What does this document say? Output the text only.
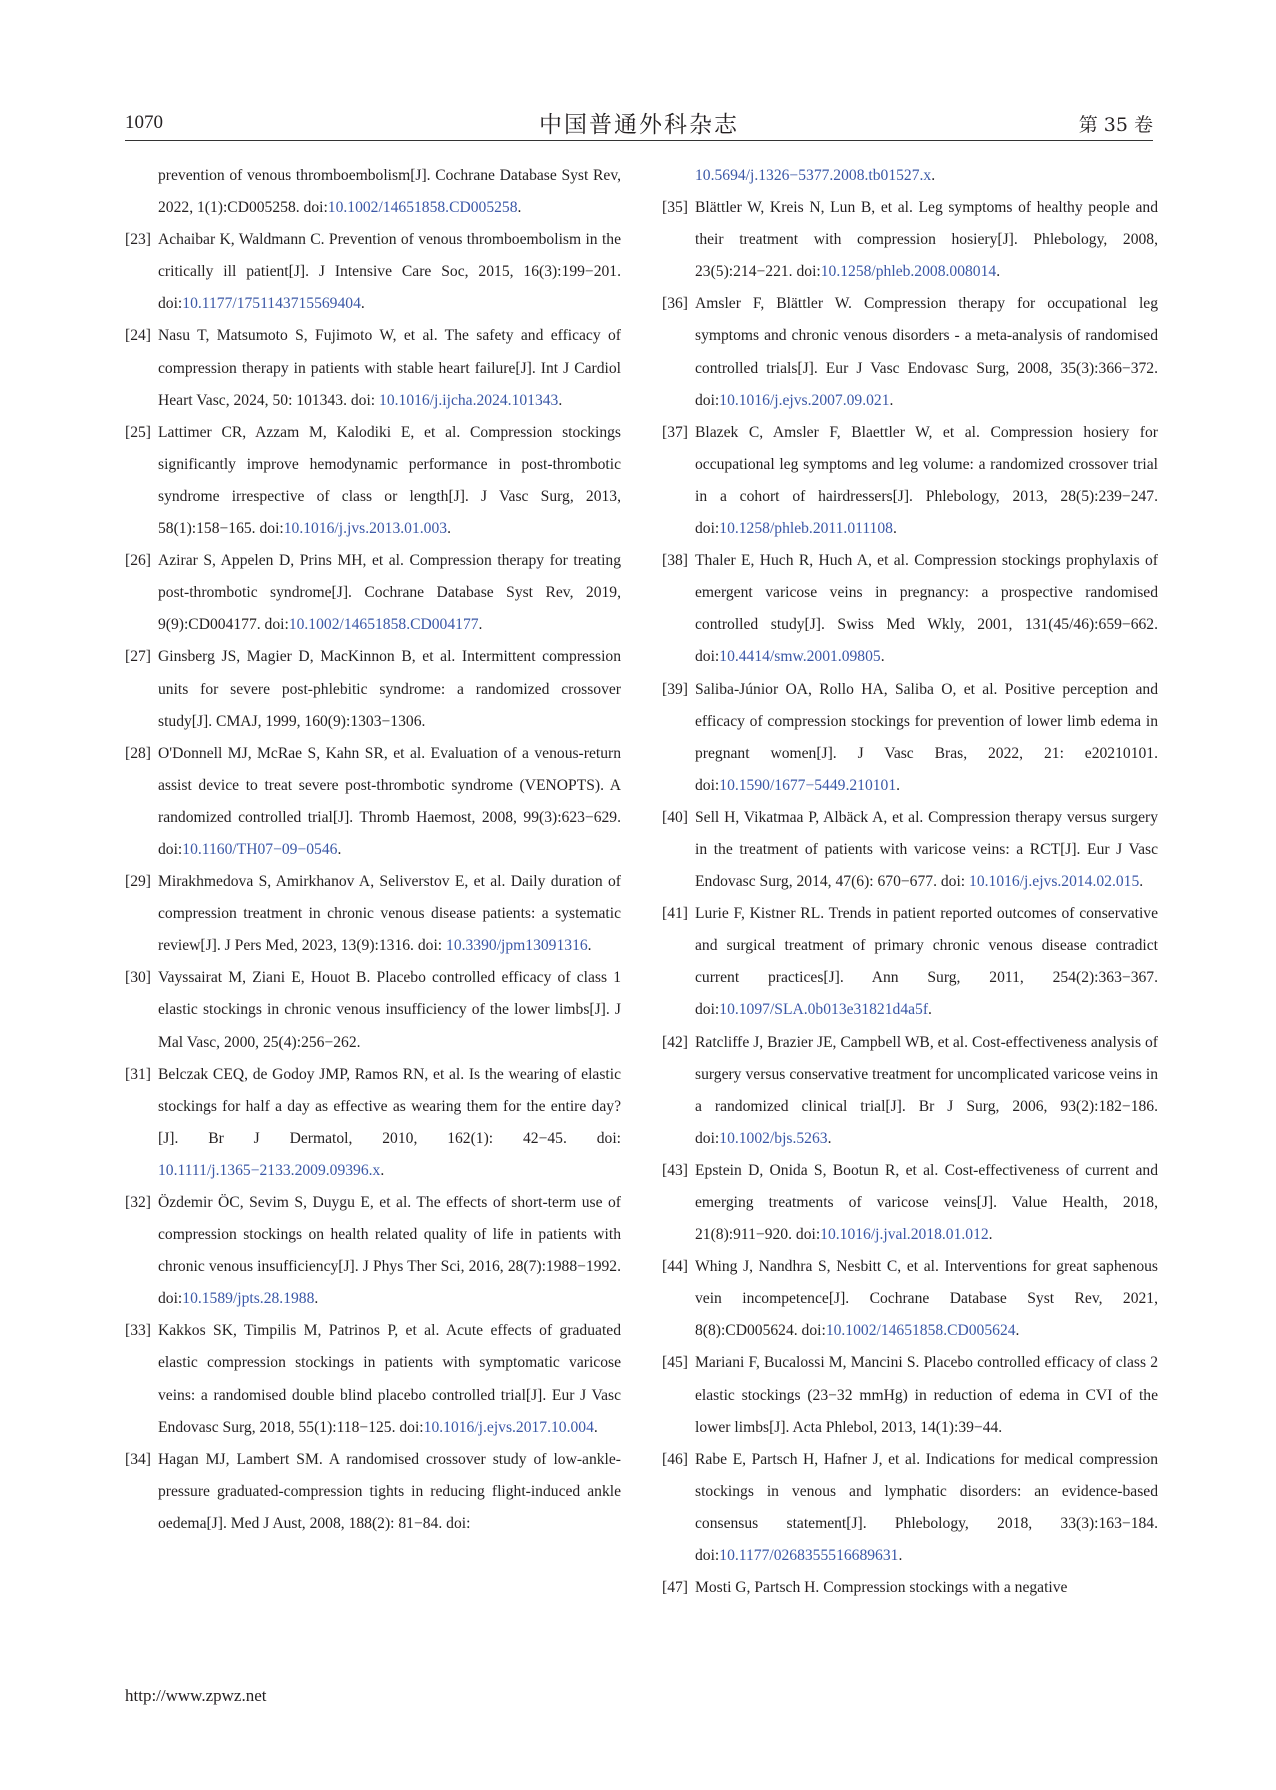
1070	中国普通外科杂志	第 35 卷

prevention of venous thromboembolism[J]. Cochrane Database Syst Rev, 2022, 1(1):CD005258. doi:10.1002/14651858.CD005258.

[23] Achaibar K, Waldmann C. Prevention of venous thromboembolism in the critically ill patient[J]. J Intensive Care Soc, 2015, 16(3):199−201. doi:10.1177/1751143715569404.

[24] Nasu T, Matsumoto S, Fujimoto W, et al. The safety and efficacy of compression therapy in patients with stable heart failure[J]. Int J Cardiol Heart Vasc, 2024, 50: 101343. doi: 10.1016/j.ijcha.2024.101343.

[25] Lattimer CR, Azzam M, Kalodiki E, et al. Compression stockings significantly improve hemodynamic performance in post-thrombotic syndrome irrespective of class or length[J]. J Vasc Surg, 2013, 58(1):158−165. doi:10.1016/j.jvs.2013.01.003.

[26] Azirar S, Appelen D, Prins MH, et al. Compression therapy for treating post-thrombotic syndrome[J]. Cochrane Database Syst Rev, 2019, 9(9):CD004177. doi:10.1002/14651858.CD004177.

[27] Ginsberg JS, Magier D, MacKinnon B, et al. Intermittent compression units for severe post-phlebitic syndrome: a randomized crossover study[J]. CMAJ, 1999, 160(9):1303−1306.

[28] O'Donnell MJ, McRae S, Kahn SR, et al. Evaluation of a venous-return assist device to treat severe post-thrombotic syndrome (VENOPTS). A randomized controlled trial[J]. Thromb Haemost, 2008, 99(3):623−629. doi:10.1160/TH07−09−0546.

[29] Mirakhmedova S, Amirkhanov A, Seliverstov E, et al. Daily duration of compression treatment in chronic venous disease patients: a systematic review[J]. J Pers Med, 2023, 13(9):1316. doi: 10.3390/jpm13091316.

[30] Vayssairat M, Ziani E, Houot B. Placebo controlled efficacy of class 1 elastic stockings in chronic venous insufficiency of the lower limbs[J]. J Mal Vasc, 2000, 25(4):256−262.

[31] Belczak CEQ, de Godoy JMP, Ramos RN, et al. Is the wearing of elastic stockings for half a day as effective as wearing them for the entire day? [J]. Br J Dermatol, 2010, 162(1): 42−45. doi: 10.1111/j.1365−2133.2009.09396.x.

[32] Özdemir ÖC, Sevim S, Duygu E, et al. The effects of short-term use of compression stockings on health related quality of life in patients with chronic venous insufficiency[J]. J Phys Ther Sci, 2016, 28(7):1988−1992. doi:10.1589/jpts.28.1988.

[33] Kakkos SK, Timpilis M, Patrinos P, et al. Acute effects of graduated elastic compression stockings in patients with symptomatic varicose veins: a randomised double blind placebo controlled trial[J]. Eur J Vasc Endovasc Surg, 2018, 55(1):118−125. doi:10.1016/j.ejvs.2017.10.004.

[34] Hagan MJ, Lambert SM. A randomised crossover study of low-ankle-pressure graduated-compression tights in reducing flight-induced ankle oedema[J]. Med J Aust, 2008, 188(2): 81−84. doi:

10.5694/j.1326−5377.2008.tb01527.x.

[35] Blättler W, Kreis N, Lun B, et al. Leg symptoms of healthy people and their treatment with compression hosiery[J]. Phlebology, 2008, 23(5):214−221. doi:10.1258/phleb.2008.008014.

[36] Amsler F, Blättler W. Compression therapy for occupational leg symptoms and chronic venous disorders - a meta-analysis of randomised controlled trials[J]. Eur J Vasc Endovasc Surg, 2008, 35(3):366−372. doi:10.1016/j.ejvs.2007.09.021.

[37] Blazek C, Amsler F, Blaettler W, et al. Compression hosiery for occupational leg symptoms and leg volume: a randomized crossover trial in a cohort of hairdressers[J]. Phlebology, 2013, 28(5):239−247. doi:10.1258/phleb.2011.011108.

[38] Thaler E, Huch R, Huch A, et al. Compression stockings prophylaxis of emergent varicose veins in pregnancy: a prospective randomised controlled study[J]. Swiss Med Wkly, 2001, 131(45/46):659−662. doi:10.4414/smw.2001.09805.

[39] Saliba-Júnior OA, Rollo HA, Saliba O, et al. Positive perception and efficacy of compression stockings for prevention of lower limb edema in pregnant women[J]. J Vasc Bras, 2022, 21: e20210101. doi:10.1590/1677−5449.210101.

[40] Sell H, Vikatmaa P, Albäck A, et al. Compression therapy versus surgery in the treatment of patients with varicose veins: a RCT[J]. Eur J Vasc Endovasc Surg, 2014, 47(6): 670−677. doi: 10.1016/j.ejvs.2014.02.015.

[41] Lurie F, Kistner RL. Trends in patient reported outcomes of conservative and surgical treatment of primary chronic venous disease contradict current practices[J]. Ann Surg, 2011, 254(2):363−367. doi:10.1097/SLA.0b013e31821d4a5f.

[42] Ratcliffe J, Brazier JE, Campbell WB, et al. Cost-effectiveness analysis of surgery versus conservative treatment for uncomplicated varicose veins in a randomized clinical trial[J]. Br J Surg, 2006, 93(2):182−186. doi:10.1002/bjs.5263.

[43] Epstein D, Onida S, Bootun R, et al. Cost-effectiveness of current and emerging treatments of varicose veins[J]. Value Health, 2018, 21(8):911−920. doi:10.1016/j.jval.2018.01.012.

[44] Whing J, Nandhra S, Nesbitt C, et al. Interventions for great saphenous vein incompetence[J]. Cochrane Database Syst Rev, 2021, 8(8):CD005624. doi:10.1002/14651858.CD005624.

[45] Mariani F, Bucalossi M, Mancini S. Placebo controlled efficacy of class 2 elastic stockings (23−32 mmHg) in reduction of edema in CVI of the lower limbs[J]. Acta Phlebol, 2013, 14(1):39−44.

[46] Rabe E, Partsch H, Hafner J, et al. Indications for medical compression stockings in venous and lymphatic disorders: an evidence-based consensus statement[J]. Phlebology, 2018, 33(3):163−184. doi:10.1177/0268355516689631.

[47] Mosti G, Partsch H. Compression stockings with a negative

http://www.zpwz.net
